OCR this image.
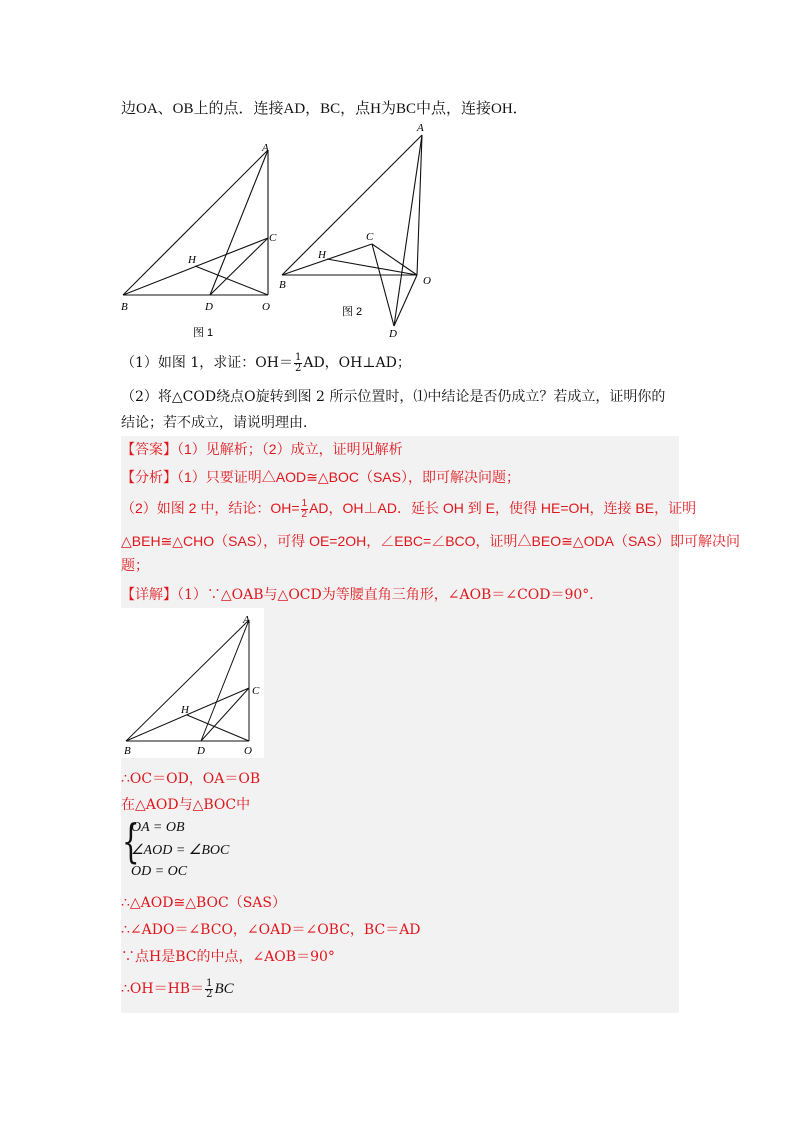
边OA、OB上的点．连接AD，BC，点H为BC中点，连接OH．
A
C
H
B	D	O
图 1
A
C
H
B	O
D
图 2
（1）如图 1，求证：$OH= \frac{1}{2}$ AD，OH⊥AD；
（2）将△COD绕点O旋转到图 2 所示位置时，⑴中结论是否仍成立？若成立，证明你的
结论；若不成立，请说明理由．
【答案】（1）见解析；（2）成立，证明见解析
【分析】（1）只要证明△AOD≅△BOC（SAS），即可解决问题；
（2）如图 2 中，结论：$OH= \frac{1}{2}$ AD，OH⊥AD．延长 OH 到 E，使得 HE=OH，连接 BE，证明
△BEH≅△CHO（SAS），可得 OE=2OH，∠EBC=∠BCO，证明△BEO≅△ODA（SAS）即可解决问
题；
【详解】（1）∵△OAB与△OCD为等腰直角三角形，∠AOB＝∠COD＝90°．
A
C
H
B	D	O
∴OC＝OD，OA＝OB
在△AOD与△BOC中
{
OA = OB
∠AOD = ∠BOC
OD = OC
∴△AOD≅△BOC（SAS）
∴∠ADO＝∠BCO，∠OAD＝∠OBC，BC＝AD
∵点H是BC的中点，∠AOB＝90°
∴OH＝HB＝ $\frac{1}{2}$ BC
